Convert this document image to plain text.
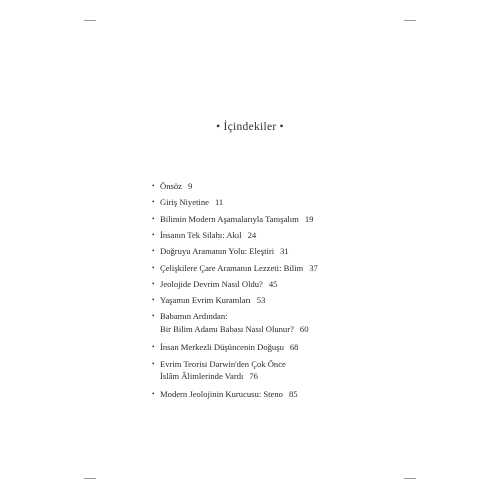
• İçindekiler •
• Önsöz 9
• Giriş Niyetine 11
• Bilimin Modern Aşamalarıyla Tanışalım 19
• İnsanın Tek Silahı: Akıl 24
• Doğruyu Aramanın Yolu: Eleştiri 31
• Çelişkilere Çare Aramanın Lezzeti: Bilim 37
• Jeolojide Devrim Nasıl Oldu? 45
• Yaşamın Evrim Kuramları 53
• Babamın Ardından:
Bir Bilim Adamı Babası Nasıl Olunur? 60
• İnsan Merkezli Düşüncenin Doğuşu 68
• Evrim Teorisi Darwin'den Çok Önce
İslâm Âlimlerinde Vardı 76
• Modern Jeolojinin Kurucusu: Steno 85
